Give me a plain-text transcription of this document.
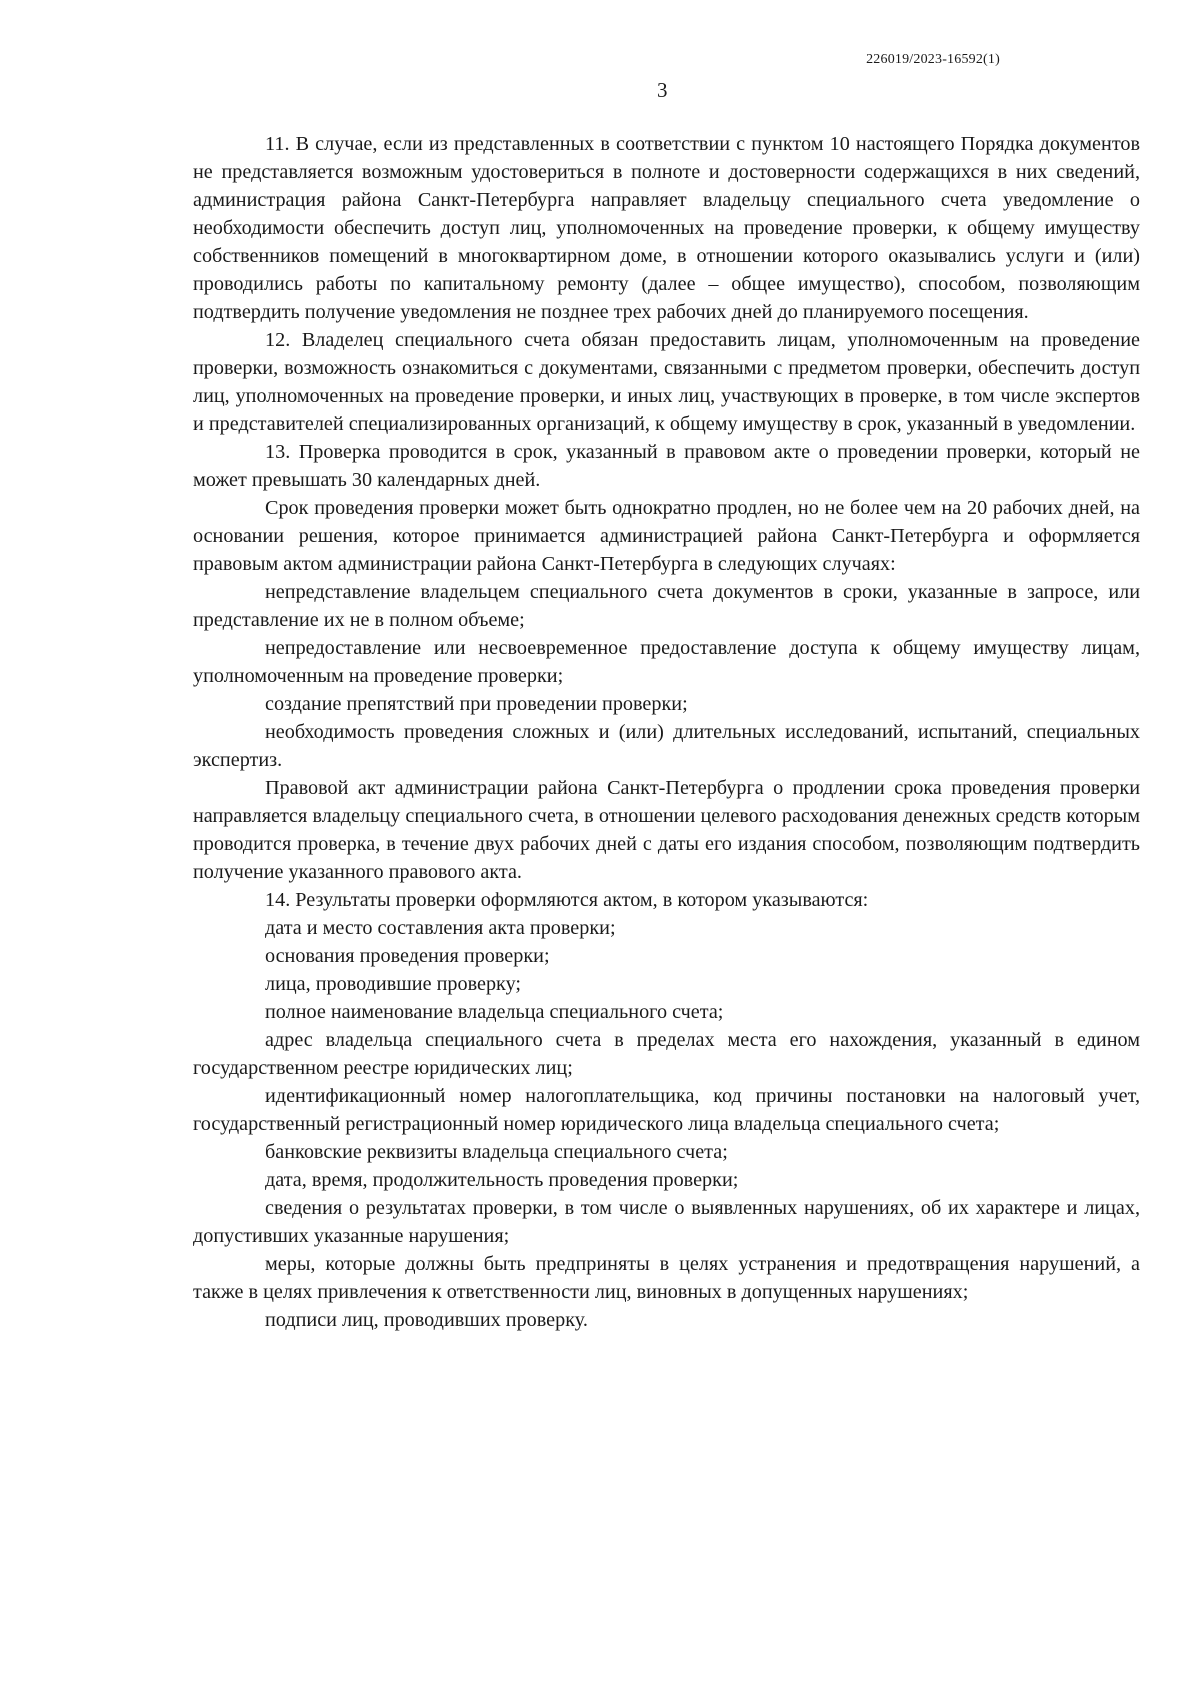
226019/2023-16592(1)
3

11. В случае, если из представленных в соответствии с пунктом 10 настоящего Порядка документов не представляется возможным удостовериться в полноте и достоверности содержащихся в них сведений, администрация района Санкт-Петербурга направляет владельцу специального счета уведомление о необходимости обеспечить доступ лиц, уполномоченных на проведение проверки, к общему имуществу собственников помещений в многоквартирном доме, в отношении которого оказывались услуги и (или) проводились работы по капитальному ремонту (далее – общее имущество), способом, позволяющим подтвердить получение уведомления не позднее трех рабочих дней до планируемого посещения.

12. Владелец специального счета обязан предоставить лицам, уполномоченным на проведение проверки, возможность ознакомиться с документами, связанными с предметом проверки, обеспечить доступ лиц, уполномоченных на проведение проверки, и иных лиц, участвующих в проверке, в том числе экспертов и представителей специализированных организаций, к общему имуществу в срок, указанный в уведомлении.

13. Проверка проводится в срок, указанный в правовом акте о проведении проверки, который не может превышать 30 календарных дней.

Срок проведения проверки может быть однократно продлен, но не более чем на 20 рабочих дней, на основании решения, которое принимается администрацией района Санкт-Петербурга и оформляется правовым актом администрации района Санкт-Петербурга в следующих случаях:

непредставление владельцем специального счета документов в сроки, указанные в запросе, или представление их не в полном объеме;

непредоставление или несвоевременное предоставление доступа к общему имуществу лицам, уполномоченным на проведение проверки;

создание препятствий при проведении проверки;

необходимость проведения сложных и (или) длительных исследований, испытаний, специальных экспертиз.

Правовой акт администрации района Санкт-Петербурга о продлении срока проведения проверки направляется владельцу специального счета, в отношении целевого расходования денежных средств которым проводится проверка, в течение двух рабочих дней с даты его издания способом, позволяющим подтвердить получение указанного правового акта.

14. Результаты проверки оформляются актом, в котором указываются:

дата и место составления акта проверки;

основания проведения проверки;

лица, проводившие проверку;

полное наименование владельца специального счета;

адрес владельца специального счета в пределах места его нахождения, указанный в едином государственном реестре юридических лиц;

идентификационный номер налогоплательщика, код причины постановки на налоговый учет, государственный регистрационный номер юридического лица владельца специального счета;

банковские реквизиты владельца специального счета;

дата, время, продолжительность проведения проверки;

сведения о результатах проверки, в том числе о выявленных нарушениях, об их характере и лицах, допустивших указанные нарушения;

меры, которые должны быть предприняты в целях устранения и предотвращения нарушений, а также в целях привлечения к ответственности лиц, виновных в допущенных нарушениях;

подписи лиц, проводивших проверку.
